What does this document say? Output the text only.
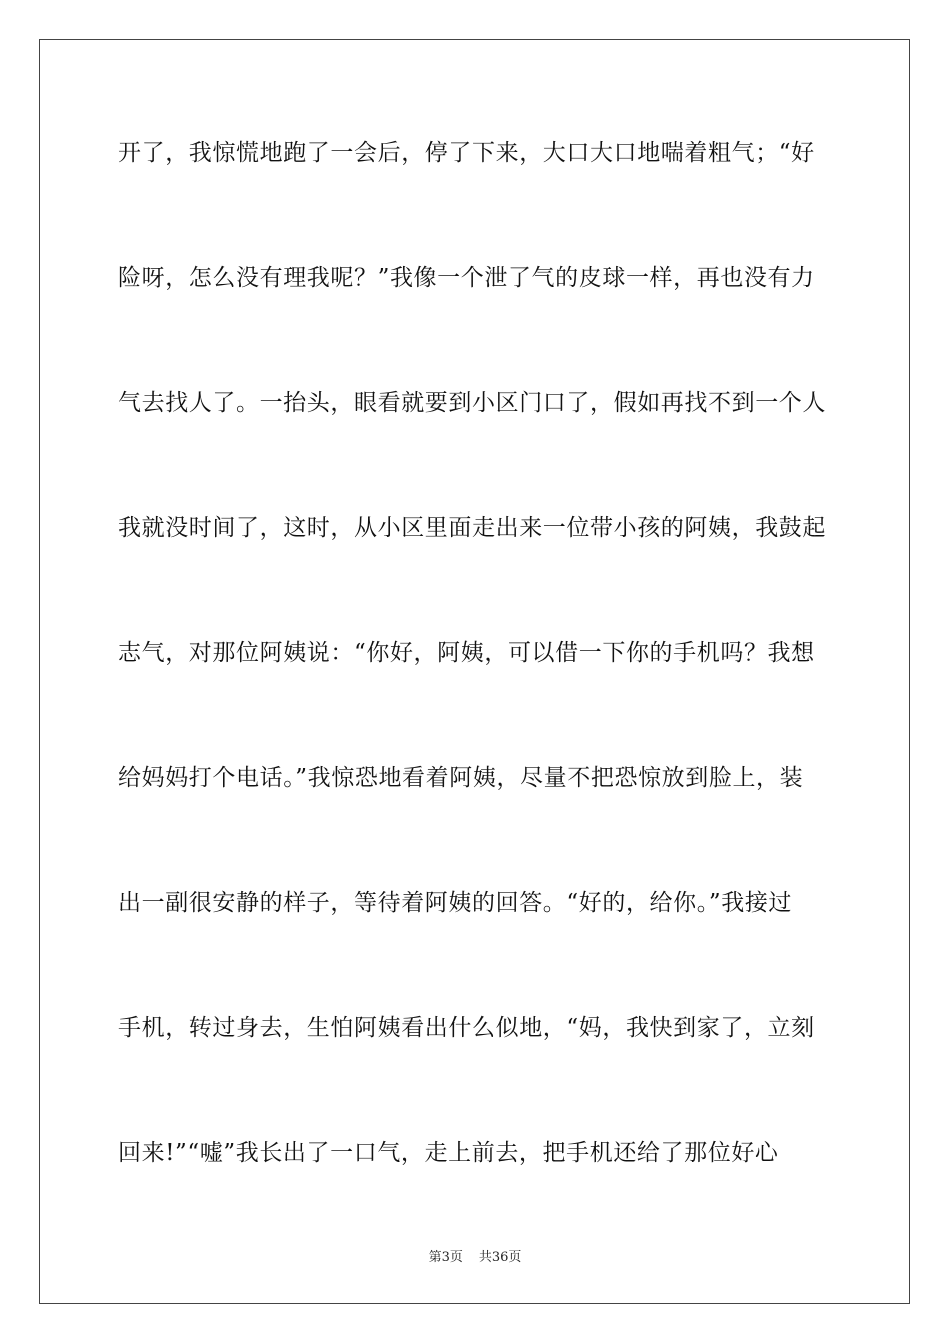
开了，我惊慌地跑了一会后，停了下来，大口大口地喘着粗气；“好
险呀，怎么没有理我呢？”我像一个泄了气的皮球一样，再也没有力
气去找人了。一抬头，眼看就要到小区门口了，假如再找不到一个人
我就没时间了，这时，从小区里面走出来一位带小孩的阿姨，我鼓起
志气，对那位阿姨说：“你好，阿姨，可以借一下你的手机吗？我想
给妈妈打个电话。”我惊恐地看着阿姨，尽量不把恐惊放到脸上，装
出一副很安静的样子，等待着阿姨的回答。“好的，给你。”我接过
手机，转过身去，生怕阿姨看出什么似地，“妈，我快到家了，立刻
回来!”“嘘”我长出了一口气，走上前去，把手机还给了那位好心
第3页 共36页
